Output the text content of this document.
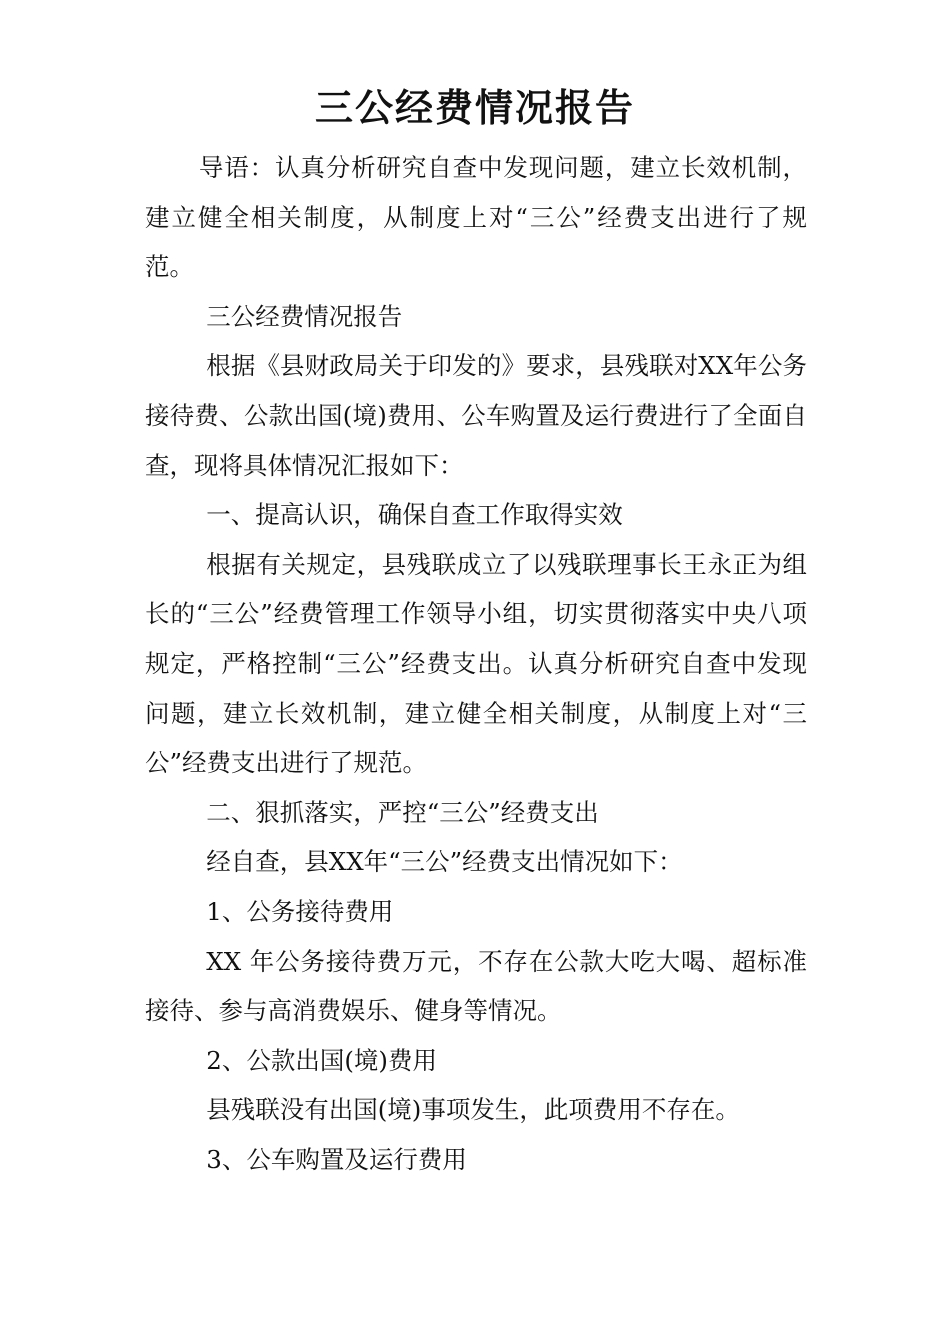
三公经费情况报告

导语：认真分析研究自查中发现问题，建立长效机制，建立健全相关制度，从制度上对“三公”经费支出进行了规范。

三公经费情况报告

根据《县财政局关于印发的》要求，县残联对XX年公务接待费、公款出国(境)费用、公车购置及运行费进行了全面自查，现将具体情况汇报如下：

一、提高认识，确保自查工作取得实效

根据有关规定，县残联成立了以残联理事长王永正为组长的“三公”经费管理工作领导小组，切实贯彻落实中央八项规定，严格控制“三公”经费支出。认真分析研究自查中发现问题，建立长效机制，建立健全相关制度，从制度上对“三公”经费支出进行了规范。

二、狠抓落实，严控“三公”经费支出

经自查，县XX年“三公”经费支出情况如下：

1、公务接待费用

XX 年公务接待费万元，不存在公款大吃大喝、超标准接待、参与高消费娱乐、健身等情况。

2、公款出国(境)费用

县残联没有出国(境)事项发生，此项费用不存在。

3、公车购置及运行费用
